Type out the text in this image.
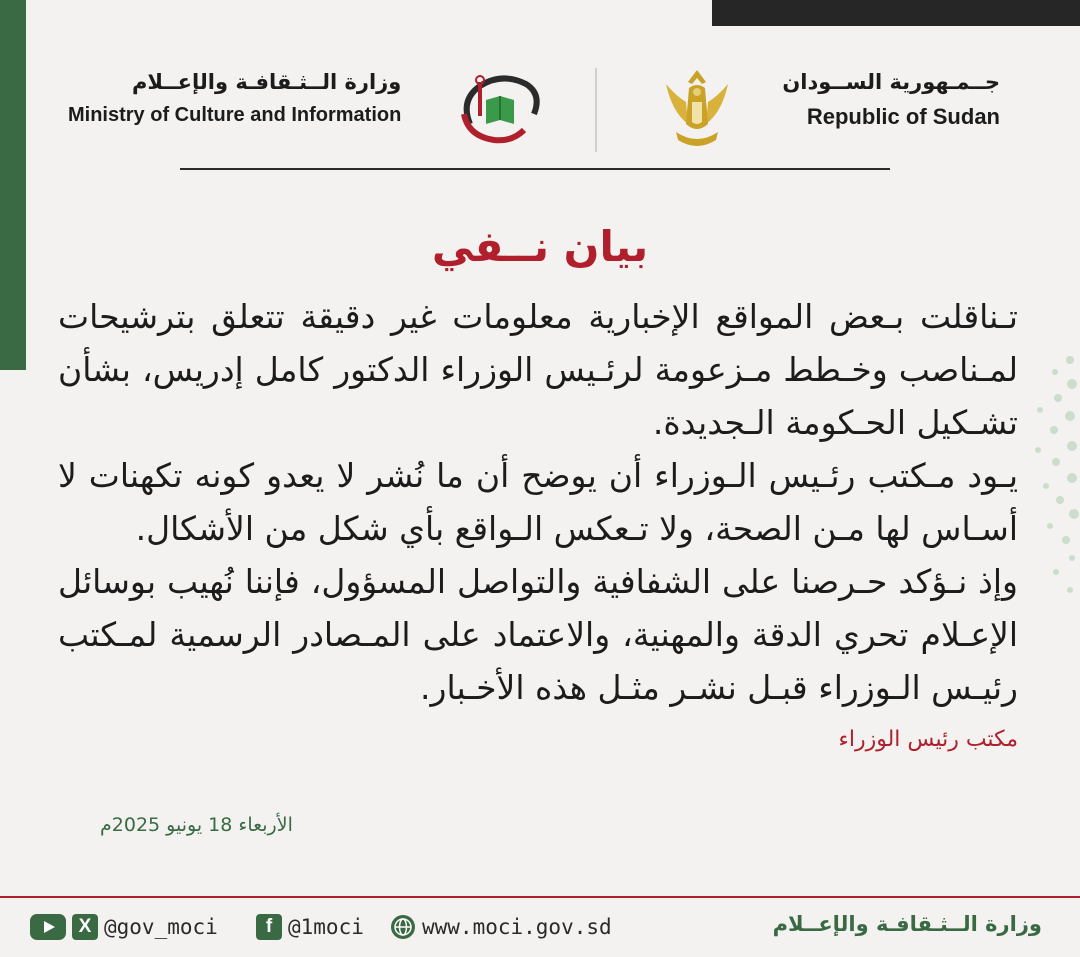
جــمـهورية الســودان
Republic of Sudan
وزارة الــثـقافـة والإعــلام
Ministry of Culture and Information
بيان نــفي

تـناقلت بـعض المواقع الإخبارية معلومات غير دقيقة تتعلق بترشيحات لمـناصب وخـطط مـزعومة لرئـيس الوزراء الدكتور كامل إدريس، بشأن تشـكيل الحـكومة الـجديدة.

يـود مـكتب رئـيس الـوزراء أن يوضح أن ما نُشر لا يعدو كونه تكهنات لا أسـاس لها مـن الصحة، ولا تـعكس الـواقع بأي شكل من الأشكال.

وإذ نـؤكد حـرصنا على الشفافية والتواصل المسؤول، فإننا نُهيب بوسائل الإعـلام تحري الدقة والمهنية، والاعتماد على المـصادر الرسمية لمـكتب رئيـس الـوزراء قبـل نشـر مثـل هذه الأخـبار.

مكتب رئيس الوزراء
الأربعاء 18 يونيو 2025م
X @gov_moci	f @1moci	www.moci.gov.sd	وزارة الــثـقافـة والإعــلام
